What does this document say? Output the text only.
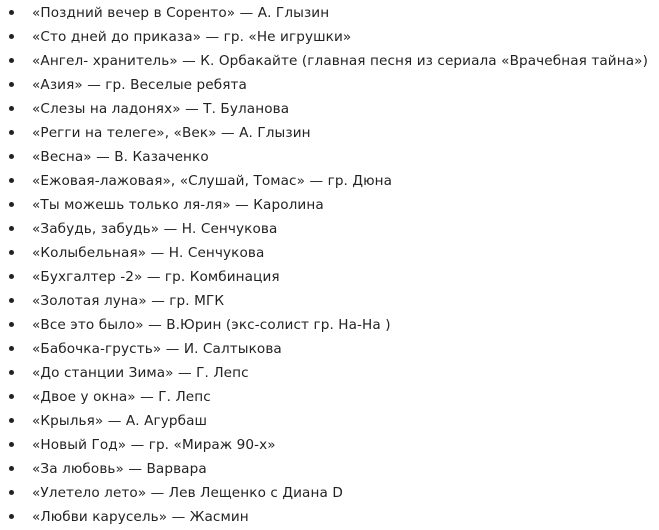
«Поздний вечер в Соренто» — А. Глызин
«Сто дней до приказа» — гр. «Не игрушки»
«Ангел- хранитель» — К. Орбакайте (главная песня из сериала «Врачебная тайна»)
«Азия» — гр. Веселые ребята
«Слезы на ладонях» — Т. Буланова
«Регги на телеге», «Век» — А. Глызин
«Весна» — В. Казаченко
«Ежовая-лажовая», «Слушай, Томас» — гр. Дюна
«Ты можешь только ля-ля» — Каролина
«Забудь, забудь» — Н. Сенчукова
«Колыбельная» — Н. Сенчукова
«Бухгалтер -2» — гр. Комбинация
«Золотая луна» — гр. МГК
«Все это было» — В.Юрин (экс-солист гр. На-На )
«Бабочка-грусть» — И. Салтыкова
«До станции Зима» — Г. Лепс
«Двое у окна» — Г. Лепс
«Крылья» — А. Агурбаш
«Новый Год» — гр. «Мираж 90-х»
«За любовь» — Варвара
«Улетело лето» — Лев Лещенко с Диана D
«Любви карусель» — Жасмин
